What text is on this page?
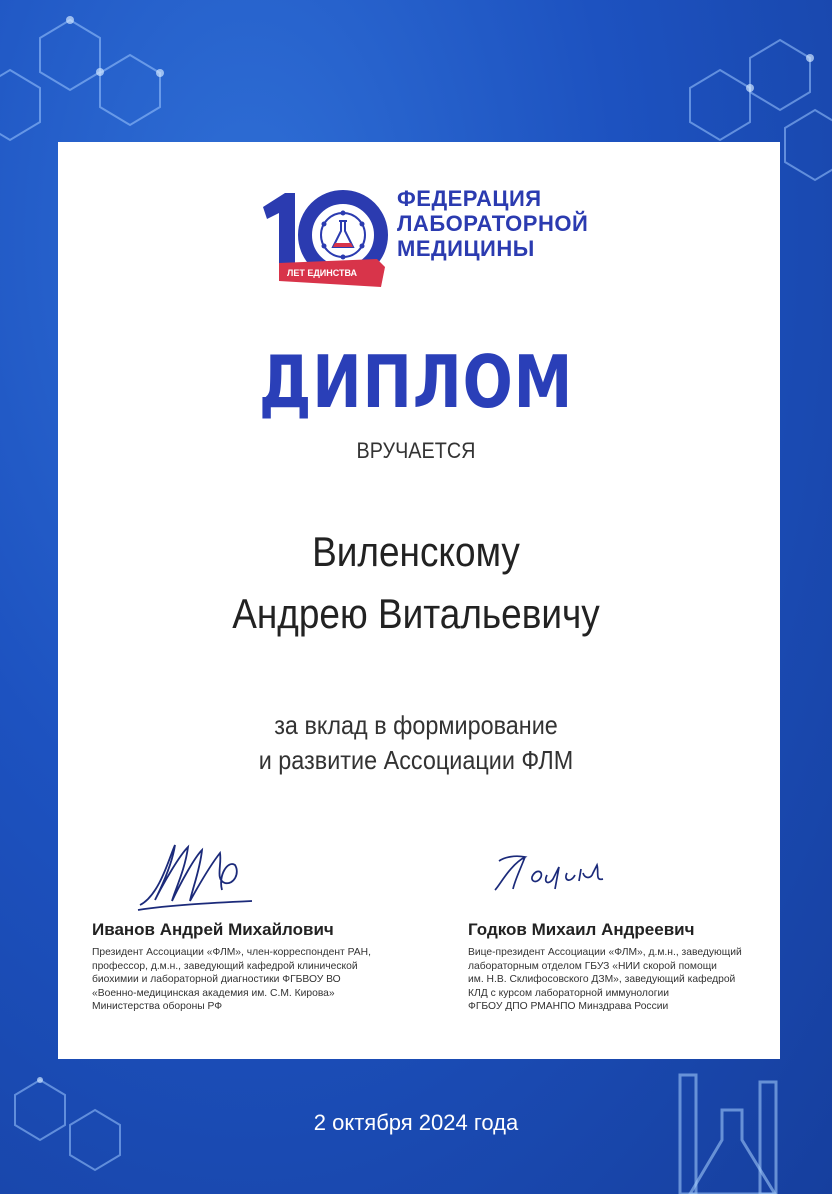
ЛЕТ ЕДИНСТВА
ФЕДЕРАЦИЯ
ЛАБОРАТОРНОЙ
МЕДИЦИНЫ
ДИПЛОМ
ВРУЧАЕТСЯ
Виленскому
Андрею Витальевичу
за вклад в формирование
и развитие Ассоциации ФЛМ
Иванов Андрей Михайлович
Президент Ассоциации «ФЛМ», член-корреспондент РАН,
профессор, д.м.н., заведующий кафедрой клинической
биохимии и лабораторной диагностики ФГБВОУ ВО
«Военно-медицинская академия им. С.М. Кирова»
Министерства обороны РФ
Годков Михаил Андреевич
Вице-президент Ассоциации «ФЛМ», д.м.н., заведующий
лабораторным отделом ГБУЗ «НИИ скорой помощи
им. Н.В. Склифосовского ДЗМ», заведующий кафедрой
КЛД с курсом лабораторной иммунологии
ФГБОУ ДПО РМАНПО Минздрава России
2 октября 2024 года
